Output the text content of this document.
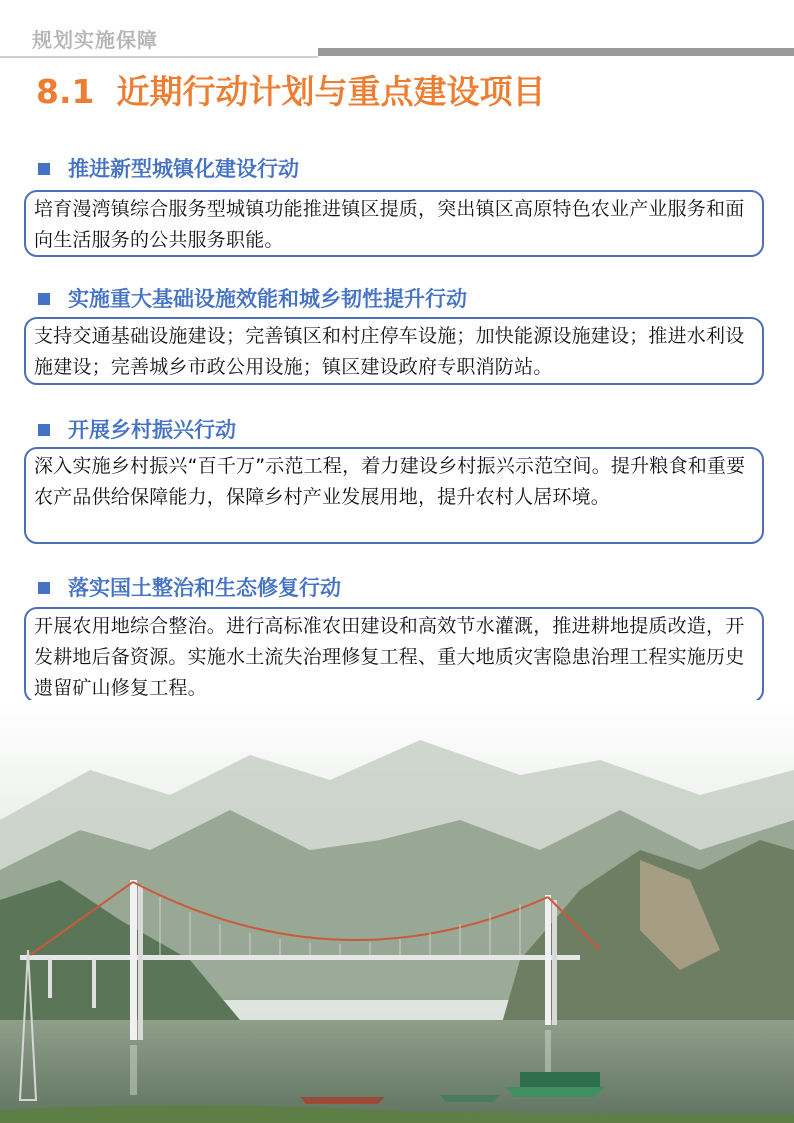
规划实施保障
8.1 近期行动计划与重点建设项目
推进新型城镇化建设行动
培育漫湾镇综合服务型城镇功能推进镇区提质，突出镇区高原特色农业产业服务和面向生活服务的公共服务职能。
实施重大基础设施效能和城乡韧性提升行动
支持交通基础设施建设；完善镇区和村庄停车设施；加快能源设施建设；推进水利设施建设；完善城乡市政公用设施；镇区建设政府专职消防站。
开展乡村振兴行动
深入实施乡村振兴“百千万”示范工程，着力建设乡村振兴示范空间。提升粮食和重要农产品供给保障能力，保障乡村产业发展用地，提升农村人居环境。
落实国土整治和生态修复行动
开展农用地综合整治。进行高标准农田建设和高效节水灌溉，推进耕地提质改造，开发耕地后备资源。实施水土流失治理修复工程、重大地质灾害隐患治理工程实施历史遗留矿山修复工程。
